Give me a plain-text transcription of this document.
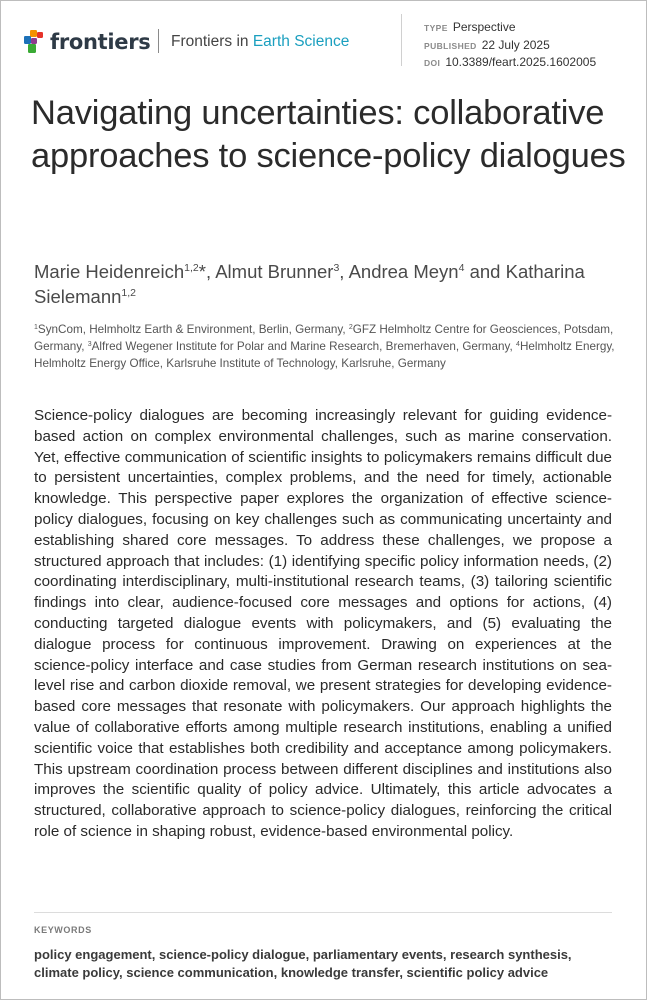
frontiers Frontiers in Earth Science
TYPE Perspective
PUBLISHED 22 July 2025
DOI 10.3389/feart.2025.1602005
Navigating uncertainties: collaborative approaches to science-policy dialogues
Marie Heidenreich$^{1,2}$*, Almut Brunner$^3$, Andrea Meyn$^4$ and Katharina Sielemann$^{1,2}$
$^1$SynCom, Helmholtz Earth & Environment, Berlin, Germany, $^2$GFZ Helmholtz Centre for Geosciences, Potsdam, Germany, $^3$Alfred Wegener Institute for Polar and Marine Research, Bremerhaven, Germany, $^4$Helmholtz Energy, Helmholtz Energy Office, Karlsruhe Institute of Technology, Karlsruhe, Germany

Science-policy dialogues are becoming increasingly relevant for guiding evidence-based action on complex environmental challenges, such as marine conservation. Yet, effective communication of scientific insights to policymakers remains difficult due to persistent uncertainties, complex problems, and the need for timely, actionable knowledge. This perspective paper explores the organization of effective science-policy dialogues, focusing on key challenges such as communicating uncertainty and establishing shared core messages. To address these challenges, we propose a structured approach that includes: (1) identifying specific policy information needs, (2) coordinating interdisciplinary, multi-institutional research teams, (3) tailoring scientific findings into clear, audience-focused core messages and options for actions, (4) conducting targeted dialogue events with policymakers, and (5) evaluating the dialogue process for continuous improvement. Drawing on experiences at the science-policy interface and case studies from German research institutions on sea-level rise and carbon dioxide removal, we present strategies for developing evidence-based core messages that resonate with policymakers. Our approach highlights the value of collaborative efforts among multiple research institutions, enabling a unified scientific voice that establishes both credibility and acceptance among policymakers. This upstream coordination process between different disciplines and institutions also improves the scientific quality of policy advice. Ultimately, this article advocates a structured, collaborative approach to science-policy dialogues, reinforcing the critical role of science in shaping robust, evidence-based environmental policy.

KEYWORDS
policy engagement, science-policy dialogue, parliamentary events, research synthesis, climate policy, science communication, knowledge transfer, scientific policy advice
